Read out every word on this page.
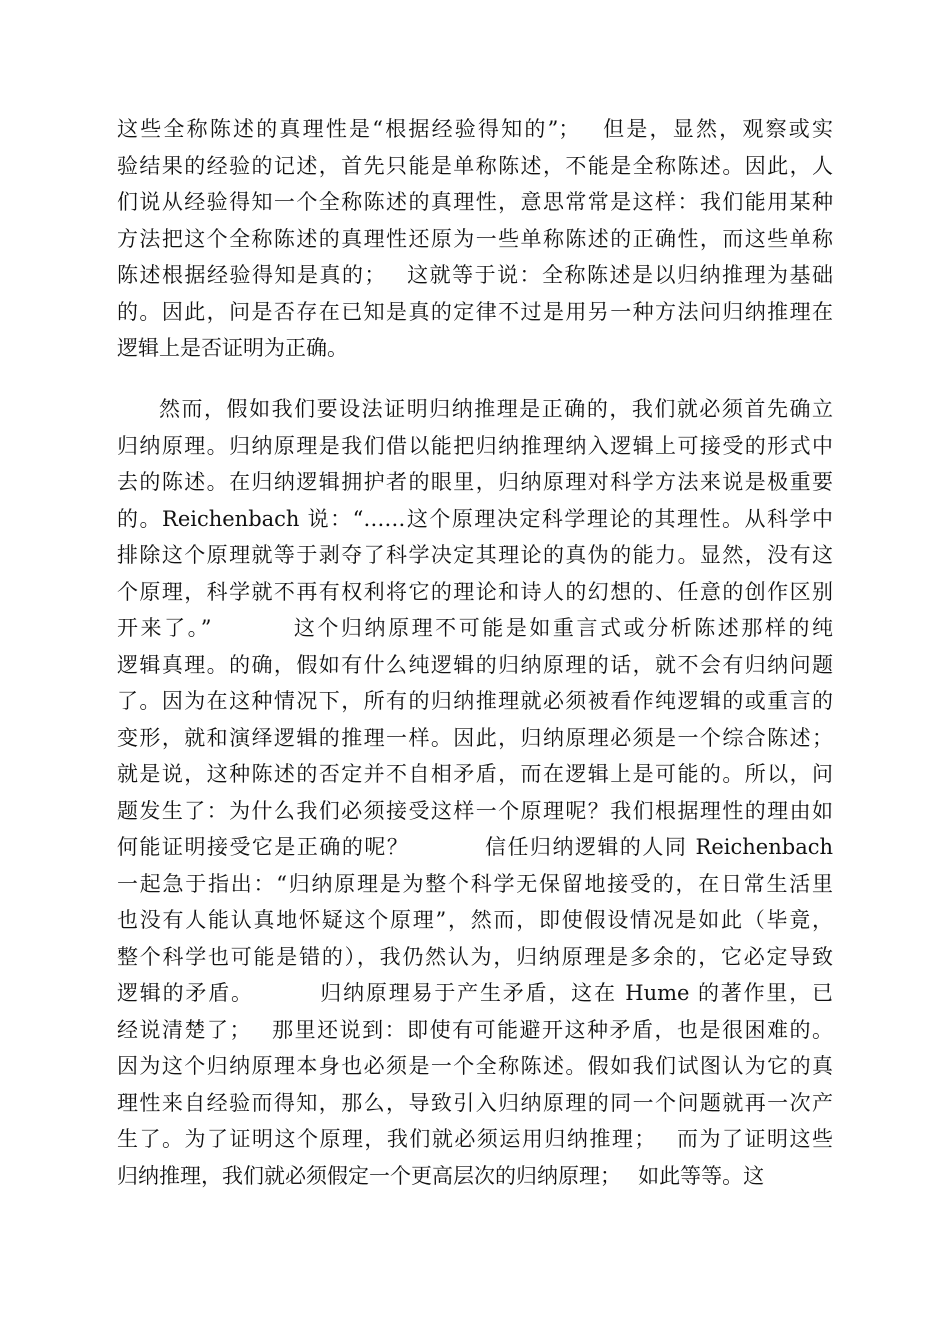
这些全称陈述的真理性是“根据经验得知的”；　 但是，显然，观察或实
验结果的经验的记述，首先只能是单称陈述，不能是全称陈述。因此，人
们说从经验得知一个全称陈述的真理性，意思常常是这样：我们能用某种
方法把这个全称陈述的真理性还原为一些单称陈述的正确性，而这些单称
陈述根据经验得知是真的；　 这就等于说：全称陈述是以归纳推理为基础
的。因此，问是否存在已知是真的定律不过是用另一种方法问归纳推理在
逻辑上是否证明为正确。
然而，假如我们要设法证明归纳推理是正确的，我们就必须首先确立
归纳原理。归纳原理是我们借以能把归纳推理纳入逻辑上可接受的形式中
去的陈述。在归纳逻辑拥护者的眼里，归纳原理对科学方法来说是极重要
的。Reichenbach 说：“……这个原理决定科学理论的其理性。从科学中
排除这个原理就等于剥夺了科学决定其理论的真伪的能力。显然，没有这
个原理，科学就不再有权利将它的理论和诗人的幻想的、任意的创作区别
开来了。”　　　 这个归纳原理不可能是如重言式或分析陈述那样的纯
逻辑真理。的确，假如有什么纯逻辑的归纳原理的话，就不会有归纳问题
了。因为在这种情况下，所有的归纳推理就必须被看作纯逻辑的或重言的
变形，就和演绎逻辑的推理一样。因此，归纳原理必须是一个综合陈述；
就是说，这种陈述的否定并不自相矛盾，而在逻辑上是可能的。所以，问
题发生了：为什么我们必须接受这样一个原理呢？我们根据理性的理由如
何能证明接受它是正确的呢？　　　 信任归纳逻辑的人同 Reichenbach
一起急于指出：“归纳原理是为整个科学无保留地接受的，在日常生活里
也没有人能认真地怀疑这个原理”，然而，即使假设情况是如此（毕竟，
整个科学也可能是错的），我仍然认为，归纳原理是多余的，它必定导致
逻辑的矛盾。　　　 归纳原理易于产生矛盾，这在 Hume 的著作里，已
经说清楚了；　 那里还说到：即使有可能避开这种矛盾，也是很困难的。
因为这个归纳原理本身也必须是一个全称陈述。假如我们试图认为它的真
理性来自经验而得知，那么，导致引入归纳原理的同一个问题就再一次产
生了。为了证明这个原理，我们就必须运用归纳推理；　 而为了证明这些
归纳推理，我们就必须假定一个更高层次的归纳原理；　 如此等等。这
